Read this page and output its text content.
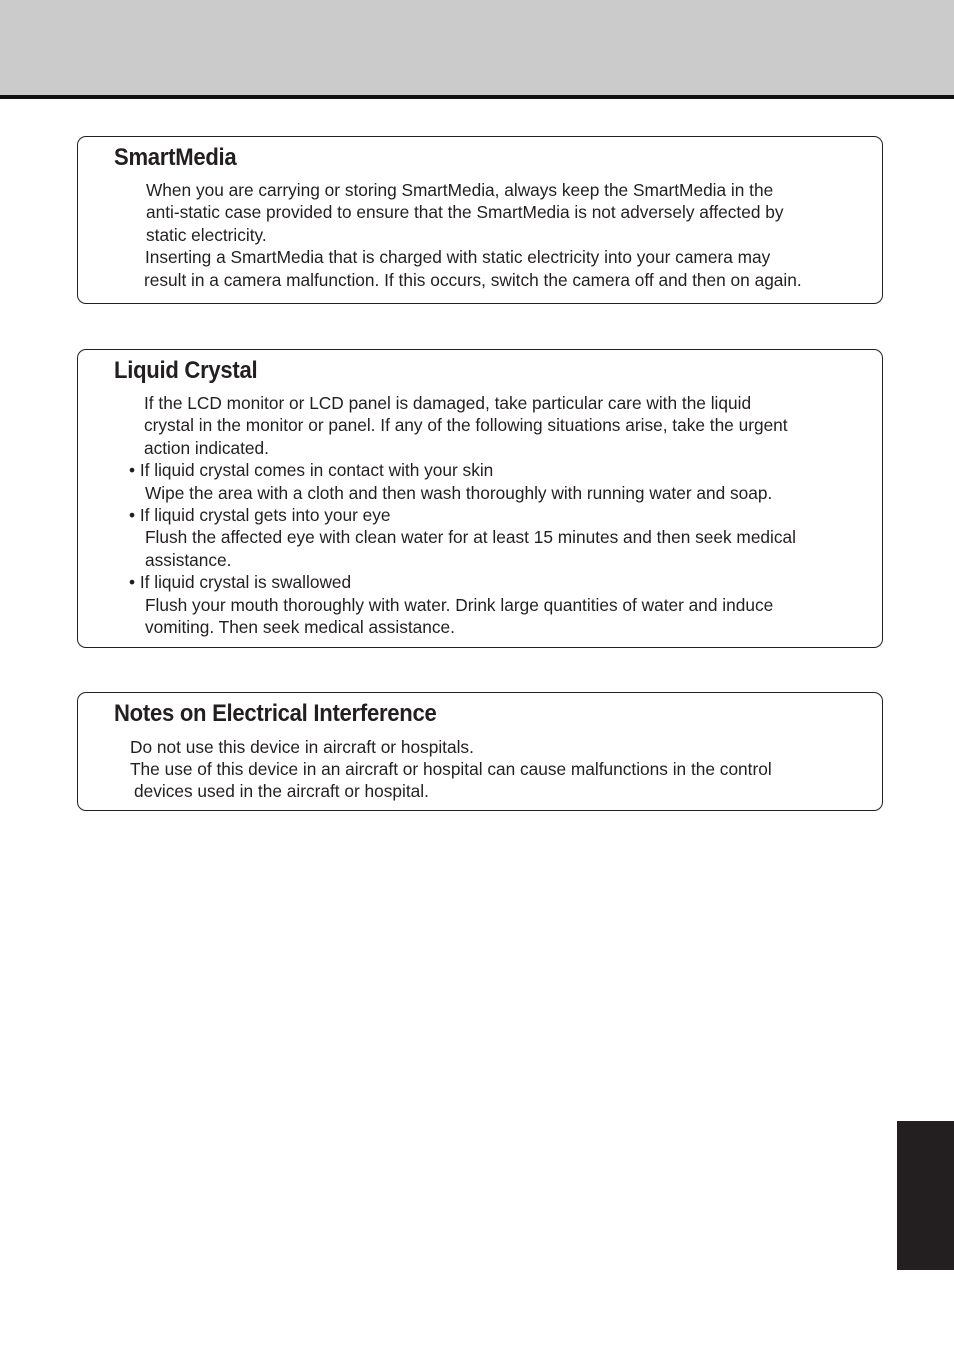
SmartMedia
When you are carrying or storing SmartMedia, always keep the SmartMedia in the
anti-static case provided to ensure that the SmartMedia is not adversely affected by
static electricity.
Inserting a SmartMedia that is charged with static electricity into your camera may
result in a camera malfunction. If this occurs, switch the camera off and then on again.
Liquid Crystal
If the LCD monitor or LCD panel is damaged, take particular care with the liquid
crystal in the monitor or panel. If any of the following situations arise, take the urgent
action indicated.
• If liquid crystal comes in contact with your skin
Wipe the area with a cloth and then wash thoroughly with running water and soap.
• If liquid crystal gets into your eye
Flush the affected eye with clean water for at least 15 minutes and then seek medical
assistance.
• If liquid crystal is swallowed
Flush your mouth thoroughly with water. Drink large quantities of water and induce
vomiting. Then seek medical assistance.
Notes on Electrical Interference
Do not use this device in aircraft or hospitals.
The use of this device in an aircraft or hospital can cause malfunctions in the control
devices used in the aircraft or hospital.
